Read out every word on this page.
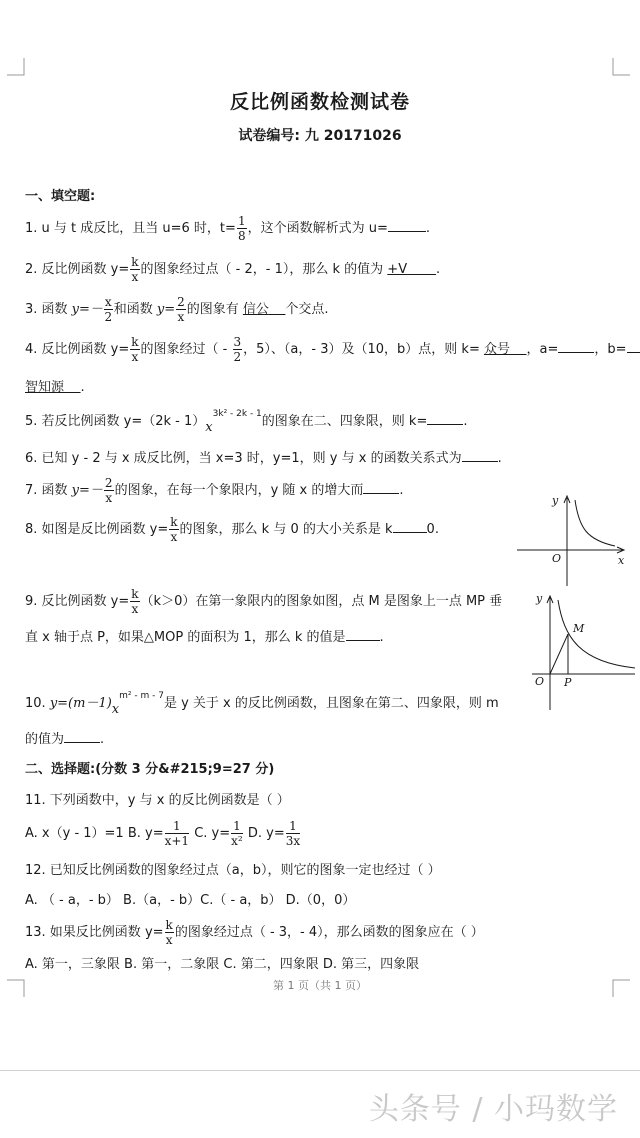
反比例函数检测试卷
试卷编号: 九 20171026
一、填空题:
1. u 与 t 成反比，且当 u=6 时，$t= \frac{1}{8}$ ，这个函数解析式为 u=	.
2. 反比例函数 $y= \frac{k}{x}$ 的图象经过点（ - 2，- 1），那么 k 的值为 +V .
3. 函数 $y=- \frac{x}{2}$ 和函数 $y= \frac{2}{x}$ 的图象有 信公 个交点.
4. 反比例函数 $y= \frac{k}{x}$ 的图象经过（ - $\frac{3}{2}$ ，5）、（a，- 3）及（10，b）点，则 k= 众号 ，a=	，b=
智知源 .
5. 若反比例函数 $y=(2k - 1)x^{3k^2 - 2k - 1}$的图象在二、四象限，则 k=	.
6. 已知 y - 2 与 x 成反比例，当 x=3 时，y=1，则 y 与 x 的函数关系式为	.
7. 函数 $y=- \frac{2}{x}$ 的图象，在每一个象限内，y 随 x 的增大而	.
8. 如图是反比例函数 $y= \frac{k}{x}$ 的图象，那么 k 与 0 的大小关系是 k	0.
y
O	x
9. 反比例函数 $y= \frac{k}{x} (k>0)$在第一象限内的图象如图，点 M 是图象上一点 MP 垂
直 x 轴于点 P，如果△MOP 的面积为 1，那么 k 的值是	.
y
M
O P
10. $y=(m-1)x^{m^2 - m - 7}$是 y 关于 x 的反比例函数，且图象在第二、四象限，则 m
的值为	.
二、选择题:(分数 3 分&#215;9=27 分)
11. 下列函数中，y 与 x 的反比例函数是（ ）
A. x（y - 1）=1 B. $y= \frac{1}{x+1} C$. $y= \frac{1}{\text{x²}} D$. $y= \frac{1}{3x}$
12. 已知反比例函数的图象经过点（a，b），则它的图象一定也经过（ ）
A. （ - a，- b） B.（a，- b）C.（ - a，b） D.（0，0）
13. 如果反比例函数 $y= \frac{k}{x}$ 的图象经过点（ - 3，- 4），那么函数的图象应在（ ）
A. 第一，三象限 B. 第一，二象限 C. 第二，四象限 D. 第三，四象限
第 1 页（共 1 页）
头条号 / 小玛数学
